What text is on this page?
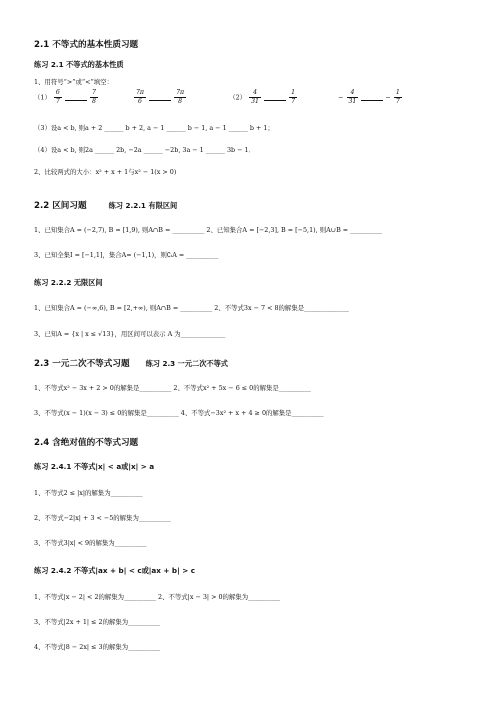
2.1 不等式的基本性质习题
练习 2.1 不等式的基本性质
1、用符号“>”或“<”填空：
$(1) \frac{6}{7}$
	$\frac{7}{8}$
	$\frac{7\pi}{6}$
	$\frac{7\pi}{8}$	$(2) \frac{4}{31}$
	$\frac{1}{7}$	− $\frac{4}{31}$	− $\frac{1}{7}$
（3）设a < b, 则a + 2 ______ b + 2, a − 1 ______ b − 1, a − 1 ______ b + 1；
（4）设a < b, 则2a ______ 2b, −2a ______ −2b, 3a − 1 ______ 3b − 1．
2、比较两式的大小：x² + x + 1与x² − 1(x > 0)
2.2 区间习题	练习 2.2.1 有限区间
1、已知集合A = (−2,7), B = [1,9), 则A∩B = __________ 2、已知集合A = [−2,3], B = [−5,1), 则A∪B = __________
3、已知全集I = [−1,1]，集合A= (−1,1)，则∁ᵢA = __________
练习 2.2.2 无限区间
1、已知集合A = (−∞,6), B = [2,+∞), 则A∩B = __________ 2、不等式3x − 7 < 8的解集是______________
3、已知A = {x | x ≤ √13}，用区间可以表示 A 为______________
2.3 一元二次不等式习题 练习 2.3 一元二次不等式
1、不等式x² − 3x + 2 > 0的解集是__________ 2、不等式x² + 5x − 6 ≤ 0的解集是__________
3、不等式(x − 1)(x − 3) ≤ 0的解集是__________ 4、不等式−3x² + x + 4 ≥ 0的解集是__________
2.4 含绝对值的不等式习题
练习 2.4.1 不等式|x| < a或|x| > a
1、不等式2 ≤ |x|的解集为__________
2、不等式−2|x| + 3 < −5的解集为__________
3、不等式3|x| < 9的解集为__________
练习 2.4.2 不等式|ax + b| < c或|ax + b| > c
1、不等式|x − 2| < 2的解集为__________ 2、不等式|x − 3| > 0的解集为__________
3、不等式|2x + 1| ≤ 2的解集为__________
4、不等式|8 − 2x| ≤ 3的解集为__________
